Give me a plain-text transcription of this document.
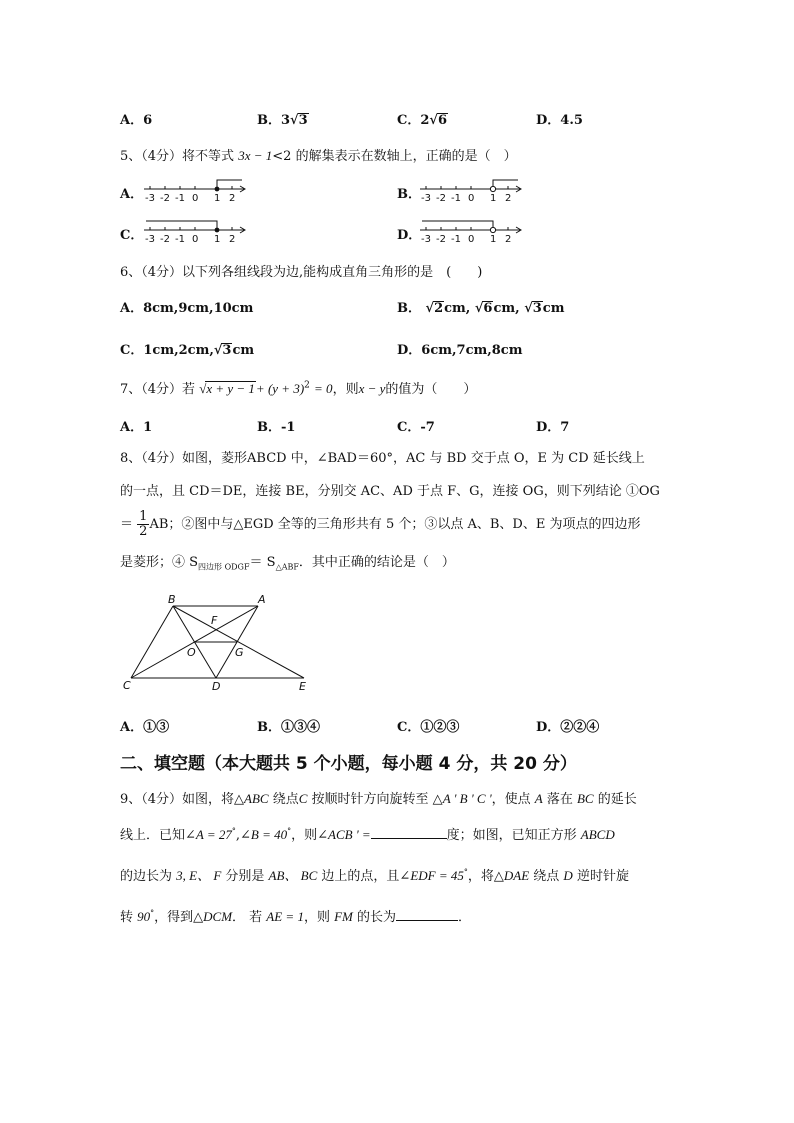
A．6	B．3√3	C．2√6	D．4.5
5、（4分）将不等式 3x − 1<2 的解集表示在数轴上，正确的是（　）
A．	B．
C．	D．
-3 -2 -1 0 1 2	-3 -2 -1 0 1 2
-3 -2 -1 0 1 2	-3 -2 -1 0 1 2
6、（4分）以下列各组线段为边,能构成直角三角形的是　(　　)
A．8cm,9cm,10cm	B． √2cm, √6cm, √3cm
C．1cm,2cm,√3cm	D．6cm,7cm,8cm
7、（4分）若 $√x + y - 1+ (y + 3)^2 = 0$，则x − y的值为（　　）
A．1	B．-1	C．-7	D．7
8、（4分）如图，菱形ABCD 中，∠BAD＝60°，AC 与 BD 交于点 O，E 为 CD 延长线上
的一点，且 CD＝DE，连接 BE，分别交 AC、AD 于点 F、G，连接 OG，则下列结论 ①OG
＝ $\frac{1}{2}$ AB；②图中与△EGD 全等的三角形共有 5 个；③以点 A、B、D、E 为项点的四边形
是菱形；④ $S_{四边形 ODGF}= S_{\triangle ABF}$．其中正确的结论是（　）
B	A
F
O	G
C	D	E
A．①③	B．①③④	C．①②③	D．②②④
二、填空题（本大题共 5 个小题，每小题 4 分，共 20 分）
9、（4分）如图，将△ABC 绕点C 按顺时针方向旋转至 △A ' B ' C '，使点 A 落在 BC 的延长
线上．已知∠A = 27°,∠B = 40°，则∠ACB ' =	度；如图，已知正方形 ABCD
的边长为 3, E、 F 分别是 AB、 BC 边上的点，且∠EDF = 45°，将△DAE 绕点 D 逆时针旋
转 90°，得到△DCM． 若 AE = 1，则 FM 的长为	．
